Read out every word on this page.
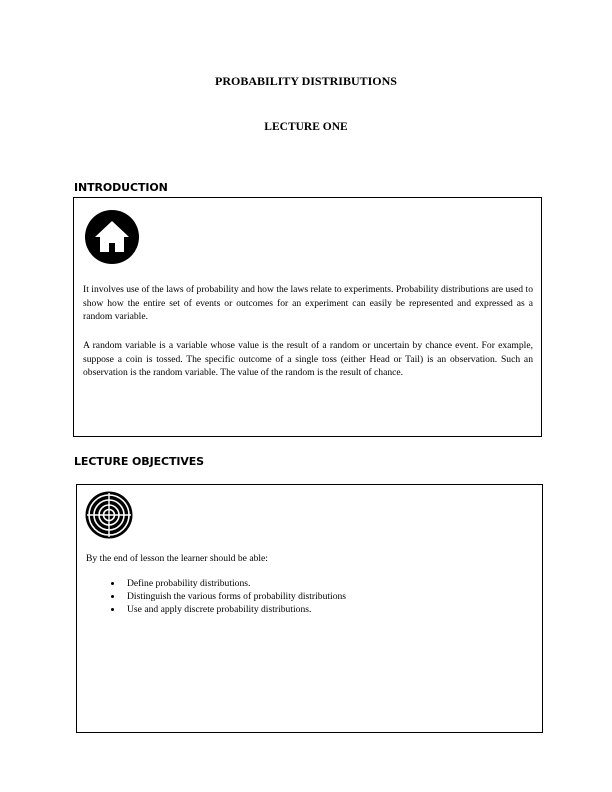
PROBABILITY DISTRIBUTIONS
LECTURE ONE
INTRODUCTION

It involves use of the laws of probability and how the laws relate to experiments. Probability distributions are used to show how the entire set of events or outcomes for an experiment can easily be represented and expressed as a random variable.

A random variable is a variable whose value is the result of a random or uncertain by chance event. For example, suppose a coin is tossed. The specific outcome of a single toss (either Head or Tail) is an observation. Such an observation is the random variable. The value of the random is the result of chance.

LECTURE OBJECTIVES

By the end of lesson the learner should be able:

• Define probability distributions.
• Distinguish the various forms of probability distributions
• Use and apply discrete probability distributions.
